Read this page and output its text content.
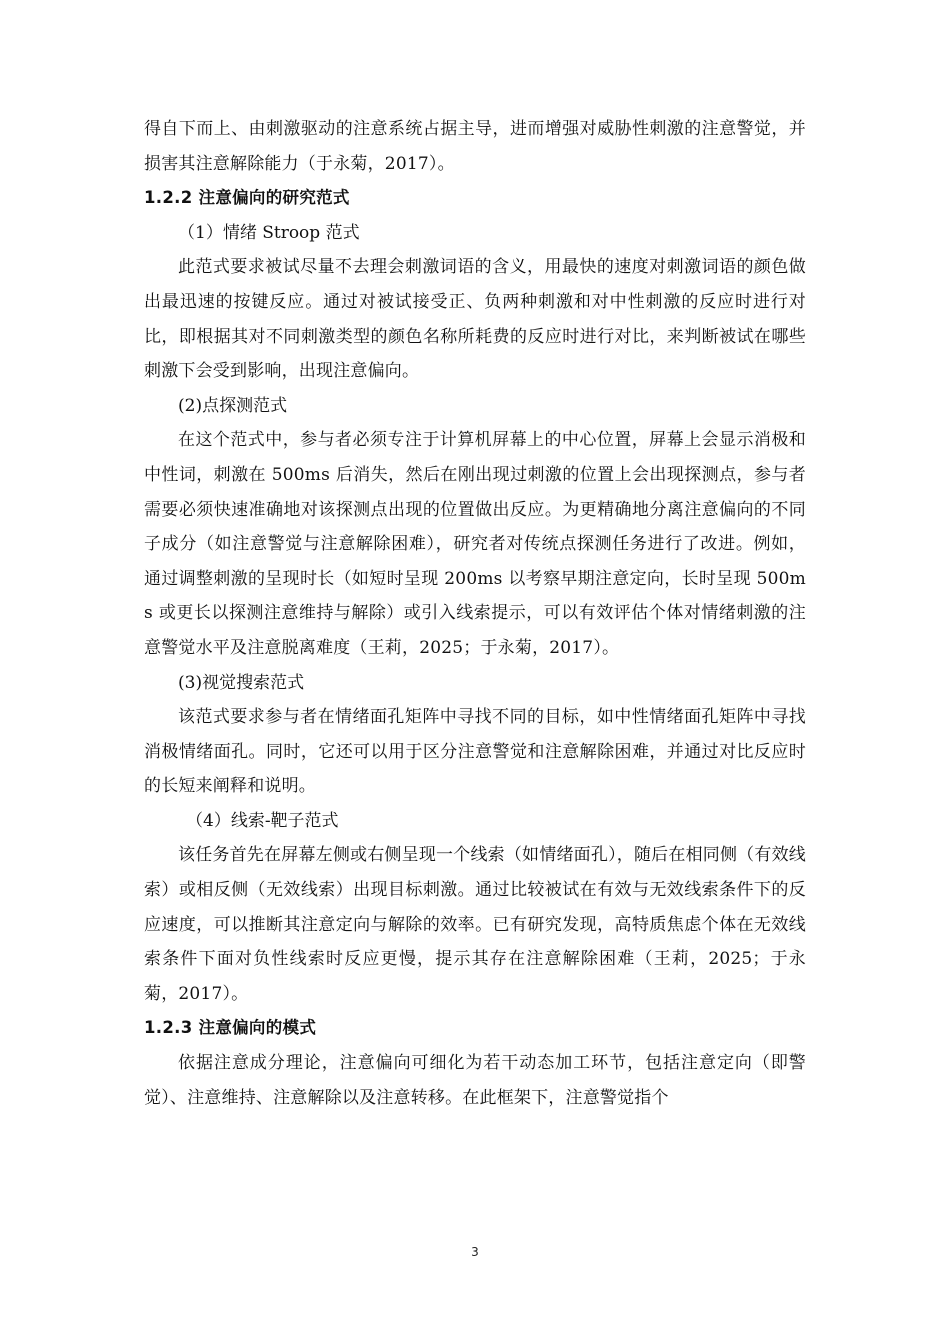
得自下而上、由刺激驱动的注意系统占据主导，进而增强对威胁性刺激的注意警觉，并损害其注意解除能力（于永菊，2017）。

1.2.2 注意偏向的研究范式

（1）情绪 Stroop 范式

此范式要求被试尽量不去理会刺激词语的含义，用最快的速度对刺激词语的颜色做出最迅速的按键反应。通过对被试接受正、负两种刺激和对中性刺激的反应时进行对比，即根据其对不同刺激类型的颜色名称所耗费的反应时进行对比，来判断被试在哪些刺激下会受到影响，出现注意偏向。

(2)点探测范式

在这个范式中，参与者必须专注于计算机屏幕上的中心位置，屏幕上会显示消极和中性词，刺激在 500ms 后消失，然后在刚出现过刺激的位置上会出现探测点，参与者需要必须快速准确地对该探测点出现的位置做出反应。为更精确地分离注意偏向的不同子成分（如注意警觉与注意解除困难），研究者对传统点探测任务进行了改进。例如，通过调整刺激的呈现时长（如短时呈现 200ms 以考察早期注意定向，长时呈现 500ms 或更长以探测注意维持与解除）或引入线索提示，可以有效评估个体对情绪刺激的注意警觉水平及注意脱离难度（王莉，2025；于永菊，2017）。

(3)视觉搜索范式

该范式要求参与者在情绪面孔矩阵中寻找不同的目标，如中性情绪面孔矩阵中寻找消极情绪面孔。同时，它还可以用于区分注意警觉和注意解除困难，并通过对比反应时的长短来阐释和说明。

（4）线索-靶子范式

该任务首先在屏幕左侧或右侧呈现一个线索（如情绪面孔），随后在相同侧（有效线索）或相反侧（无效线索）出现目标刺激。通过比较被试在有效与无效线索条件下的反应速度，可以推断其注意定向与解除的效率。已有研究发现，高特质焦虑个体在无效线索条件下面对负性线索时反应更慢，提示其存在注意解除困难（王莉，2025；于永菊，2017）。

1.2.3 注意偏向的模式

依据注意成分理论，注意偏向可细化为若干动态加工环节，包括注意定向（即警觉）、注意维持、注意解除以及注意转移。在此框架下，注意警觉指个

3
